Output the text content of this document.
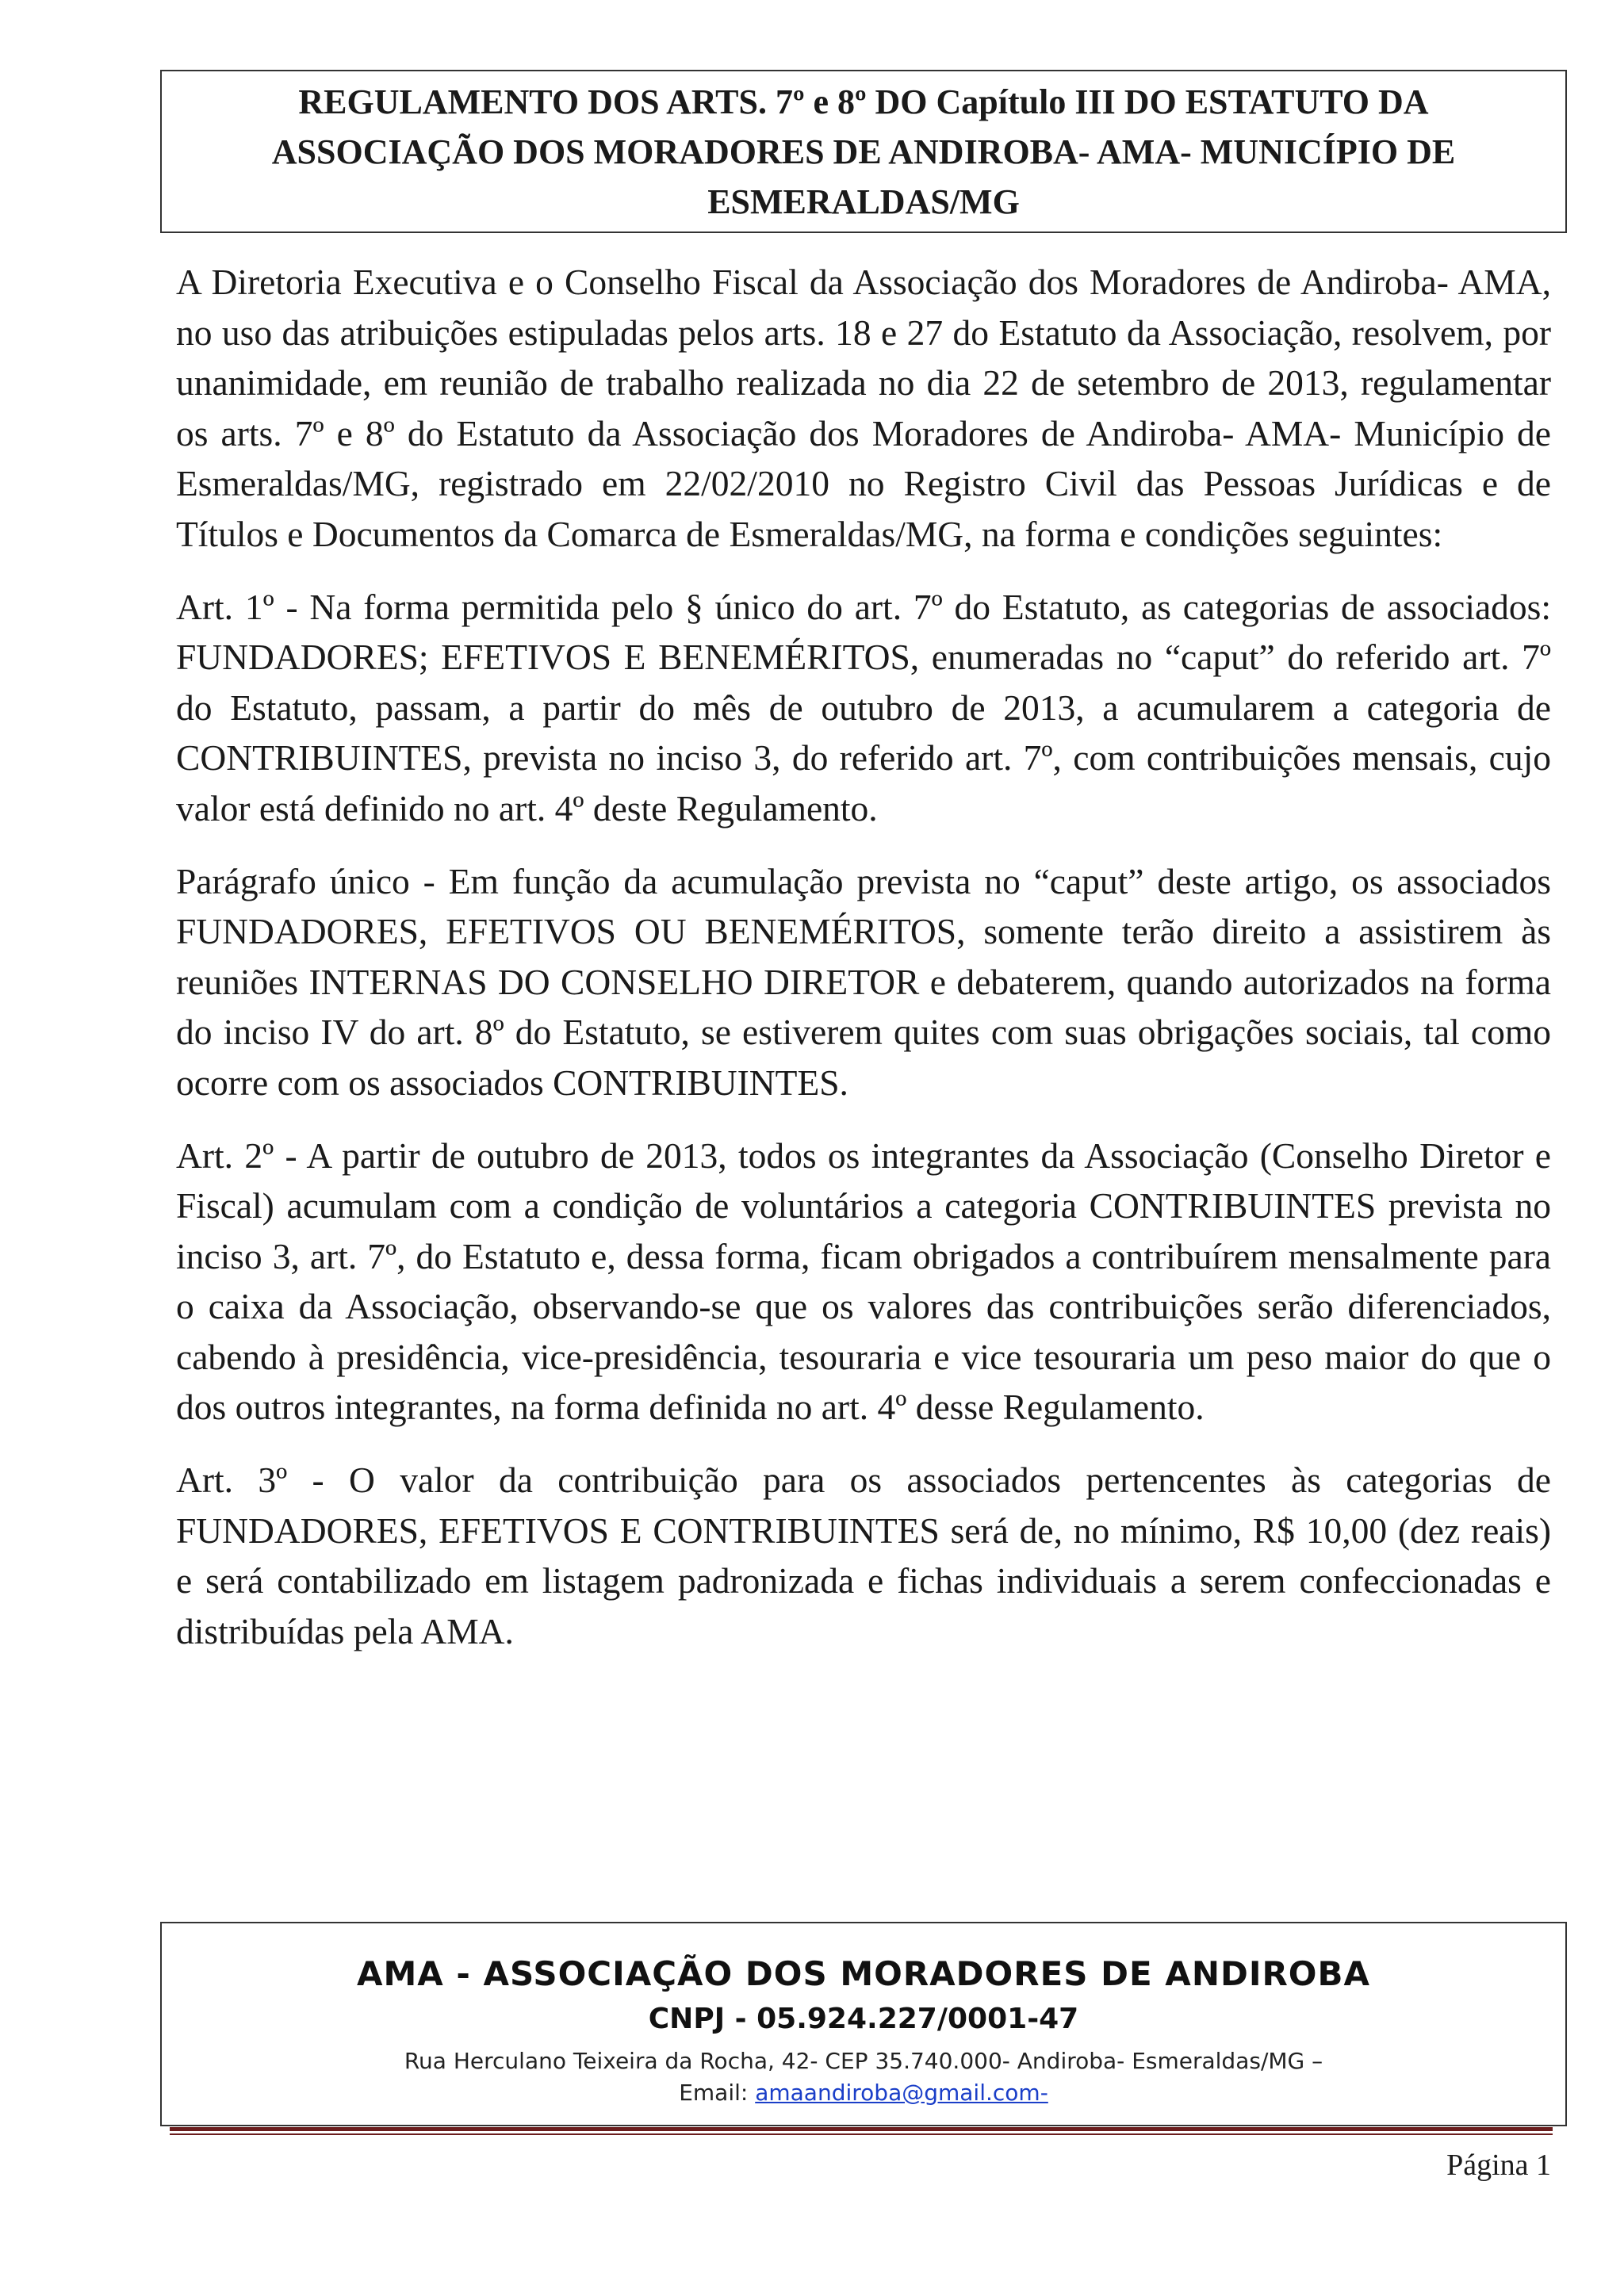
REGULAMENTO DOS ARTS. 7º e 8º DO Capítulo III DO ESTATUTO DA
ASSOCIAÇÃO DOS MORADORES DE ANDIROBA- AMA- MUNICÍPIO DE
ESMERALDAS/MG

A Diretoria Executiva e o Conselho Fiscal da Associação dos Moradores de Andiroba- AMA, no uso das atribuições estipuladas pelos arts. 18 e 27 do Estatuto da Associação, resolvem, por unanimidade, em reunião de trabalho realizada no dia 22 de setembro de 2013, regulamentar os arts. 7º e 8º do Estatuto da Associação dos Moradores de Andiroba- AMA- Município de Esmeraldas/MG, registrado em 22/02/2010 no Registro Civil das Pessoas Jurídicas e de Títulos e Documentos da Comarca de Esmeraldas/MG, na forma e condições seguintes:

Art. 1º - Na forma permitida pelo § único do art. 7º do Estatuto, as categorias de associados: FUNDADORES; EFETIVOS E BENEMÉRITOS, enumeradas no “caput” do referido art. 7º do Estatuto, passam, a partir do mês de outubro de 2013, a acumularem a categoria de CONTRIBUINTES, prevista no inciso 3, do referido art. 7º, com contribuições mensais, cujo valor está definido no art. 4º deste Regulamento.

Parágrafo único - Em função da acumulação prevista no “caput” deste artigo, os associados FUNDADORES, EFETIVOS OU BENEMÉRITOS, somente terão direito a assistirem às reuniões INTERNAS DO CONSELHO DIRETOR e debaterem, quando autorizados na forma do inciso IV do art. 8º do Estatuto, se estiverem quites com suas obrigações sociais, tal como ocorre com os associados CONTRIBUINTES.

Art. 2º - A partir de outubro de 2013, todos os integrantes da Associação (Conselho Diretor e Fiscal) acumulam com a condição de voluntários a categoria CONTRIBUINTES prevista no inciso 3, art. 7º, do Estatuto e, dessa forma, ficam obrigados a contribuírem mensalmente para o caixa da Associação, observando-se que os valores das contribuições serão diferenciados, cabendo à presidência, vice-presidência, tesouraria e vice tesouraria um peso maior do que o dos outros integrantes, na forma definida no art. 4º desse Regulamento.

Art. 3º - O valor da contribuição para os associados pertencentes às categorias de FUNDADORES, EFETIVOS E CONTRIBUINTES será de, no mínimo, R$ 10,00 (dez reais) e será contabilizado em listagem padronizada e fichas individuais a serem confeccionadas e distribuídas pela AMA.

AMA - ASSOCIAÇÃO DOS MORADORES DE ANDIROBA
CNPJ - 05.924.227/0001-47
Rua Herculano Teixeira da Rocha, 42- CEP 35.740.000- Andiroba- Esmeraldas/MG –
Email: amaandiroba@gmail.com-
Página 1
